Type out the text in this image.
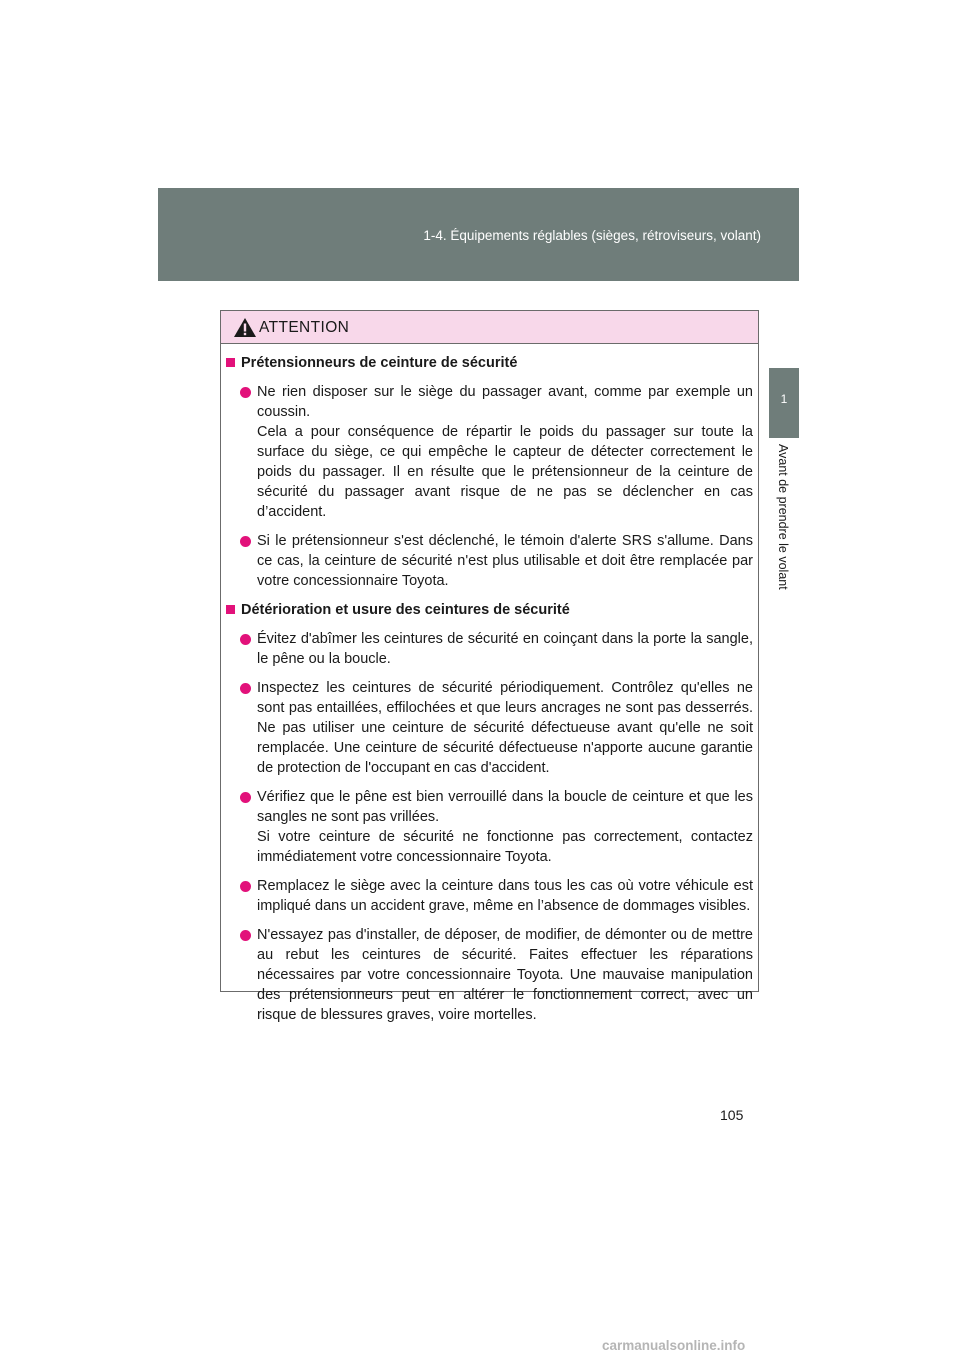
1-4. Équipements réglables (sièges, rétroviseurs, volant)
1
Avant de prendre le volant
ATTENTION
Prétensionneurs de ceinture de sécurité

Ne rien disposer sur le siège du passager avant, comme par exemple un coussin.

Cela a pour conséquence de répartir le poids du passager sur toute la surface du siège, ce qui empêche le capteur de détecter correctement le poids du passager. Il en résulte que le prétensionneur de la ceinture de sécurité du passager avant risque de ne pas se déclencher en cas d’accident.

Si le prétensionneur s'est déclenché, le témoin d'alerte SRS s'allume. Dans ce cas, la ceinture de sécurité n'est plus utilisable et doit être remplacée par votre concessionnaire Toyota.

Détérioration et usure des ceintures de sécurité

Évitez d'abîmer les ceintures de sécurité en coinçant dans la porte la sangle, le pêne ou la boucle.

Inspectez les ceintures de sécurité périodiquement. Contrôlez qu'elles ne sont pas entaillées, effilochées et que leurs ancrages ne sont pas desserrés. Ne pas utiliser une ceinture de sécurité défectueuse avant qu'elle ne soit remplacée. Une ceinture de sécurité défectueuse n'apporte aucune garantie de protection de l'occupant en cas d'accident.

Vérifiez que le pêne est bien verrouillé dans la boucle de ceinture et que les sangles ne sont pas vrillées.

Si votre ceinture de sécurité ne fonctionne pas correctement, contactez immédiatement votre concessionnaire Toyota.

Remplacez le siège avec la ceinture dans tous les cas où votre véhicule est impliqué dans un accident grave, même en l’absence de dommages visibles.

N'essayez pas d'installer, de déposer, de modifier, de démonter ou de mettre au rebut les ceintures de sécurité. Faites effectuer les réparations nécessaires par votre concessionnaire Toyota. Une mauvaise manipulation des prétensionneurs peut en altérer le fonctionnement correct, avec un risque de blessures graves, voire mortelles.

105
carmanualsonline.info
